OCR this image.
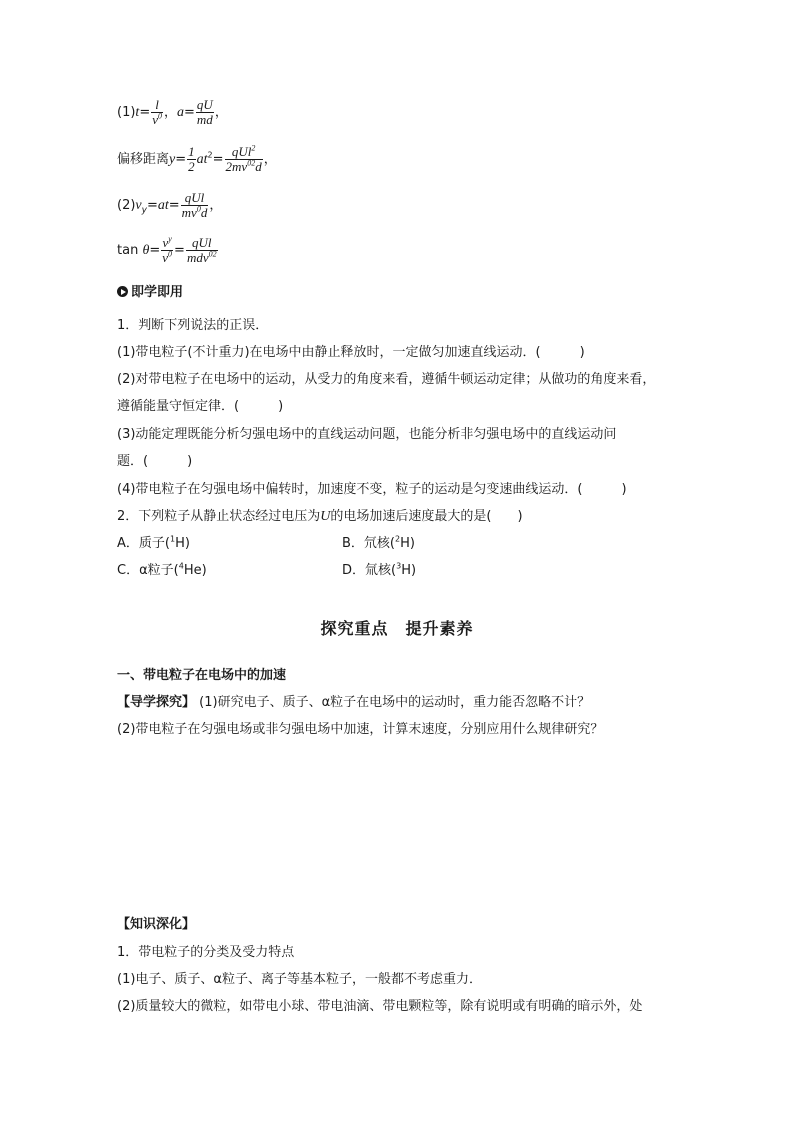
$(1)t= \frac{l}{v^0}$ ，$a= \frac{qU}{md}$ ，
偏移距离$y= \frac{1}{2} at^2= \frac{qUl^2}{2mv^{02}d}$ ，
$(2)v_y=at= \frac{\text{qUl}}{mv^0d}$ ，
$\tan \theta= \frac{v^y}{v^0} = \frac{\text{qUl}}{mdv^{02}}$
即学即用
1．判断下列说法的正误．
(1)带电粒子(不计重力)在电场中由静止释放时，一定做匀加速直线运动．(　　　)
(2)对带电粒子在电场中的运动，从受力的角度来看，遵循牛顿运动定律；从做功的角度来看，
遵循能量守恒定律．(　　　)
(3)动能定理既能分析匀强电场中的直线运动问题，也能分析非匀强电场中的直线运动问
题．(　　　)
(4)带电粒子在匀强电场中偏转时，加速度不变，粒子的运动是匀变速曲线运动．(　　　)
2．下列粒子从静止状态经过电压为U的电场加速后速度最大的是(　　)
A．质子($^1$H)	B．氘核($^2$H)
C．α粒子($^4$He)	D．氚核($^3$H)
探究重点　提升素养
一、带电粒子在电场中的加速
【导学探究】 (1)研究电子、质子、α粒子在电场中的运动时，重力能否忽略不计？
(2)带电粒子在匀强电场或非匀强电场中加速，计算末速度，分别应用什么规律研究？
【知识深化】
1．带电粒子的分类及受力特点
(1)电子、质子、α粒子、离子等基本粒子，一般都不考虑重力．
(2)质量较大的微粒，如带电小球、带电油滴、带电颗粒等，除有说明或有明确的暗示外，处
